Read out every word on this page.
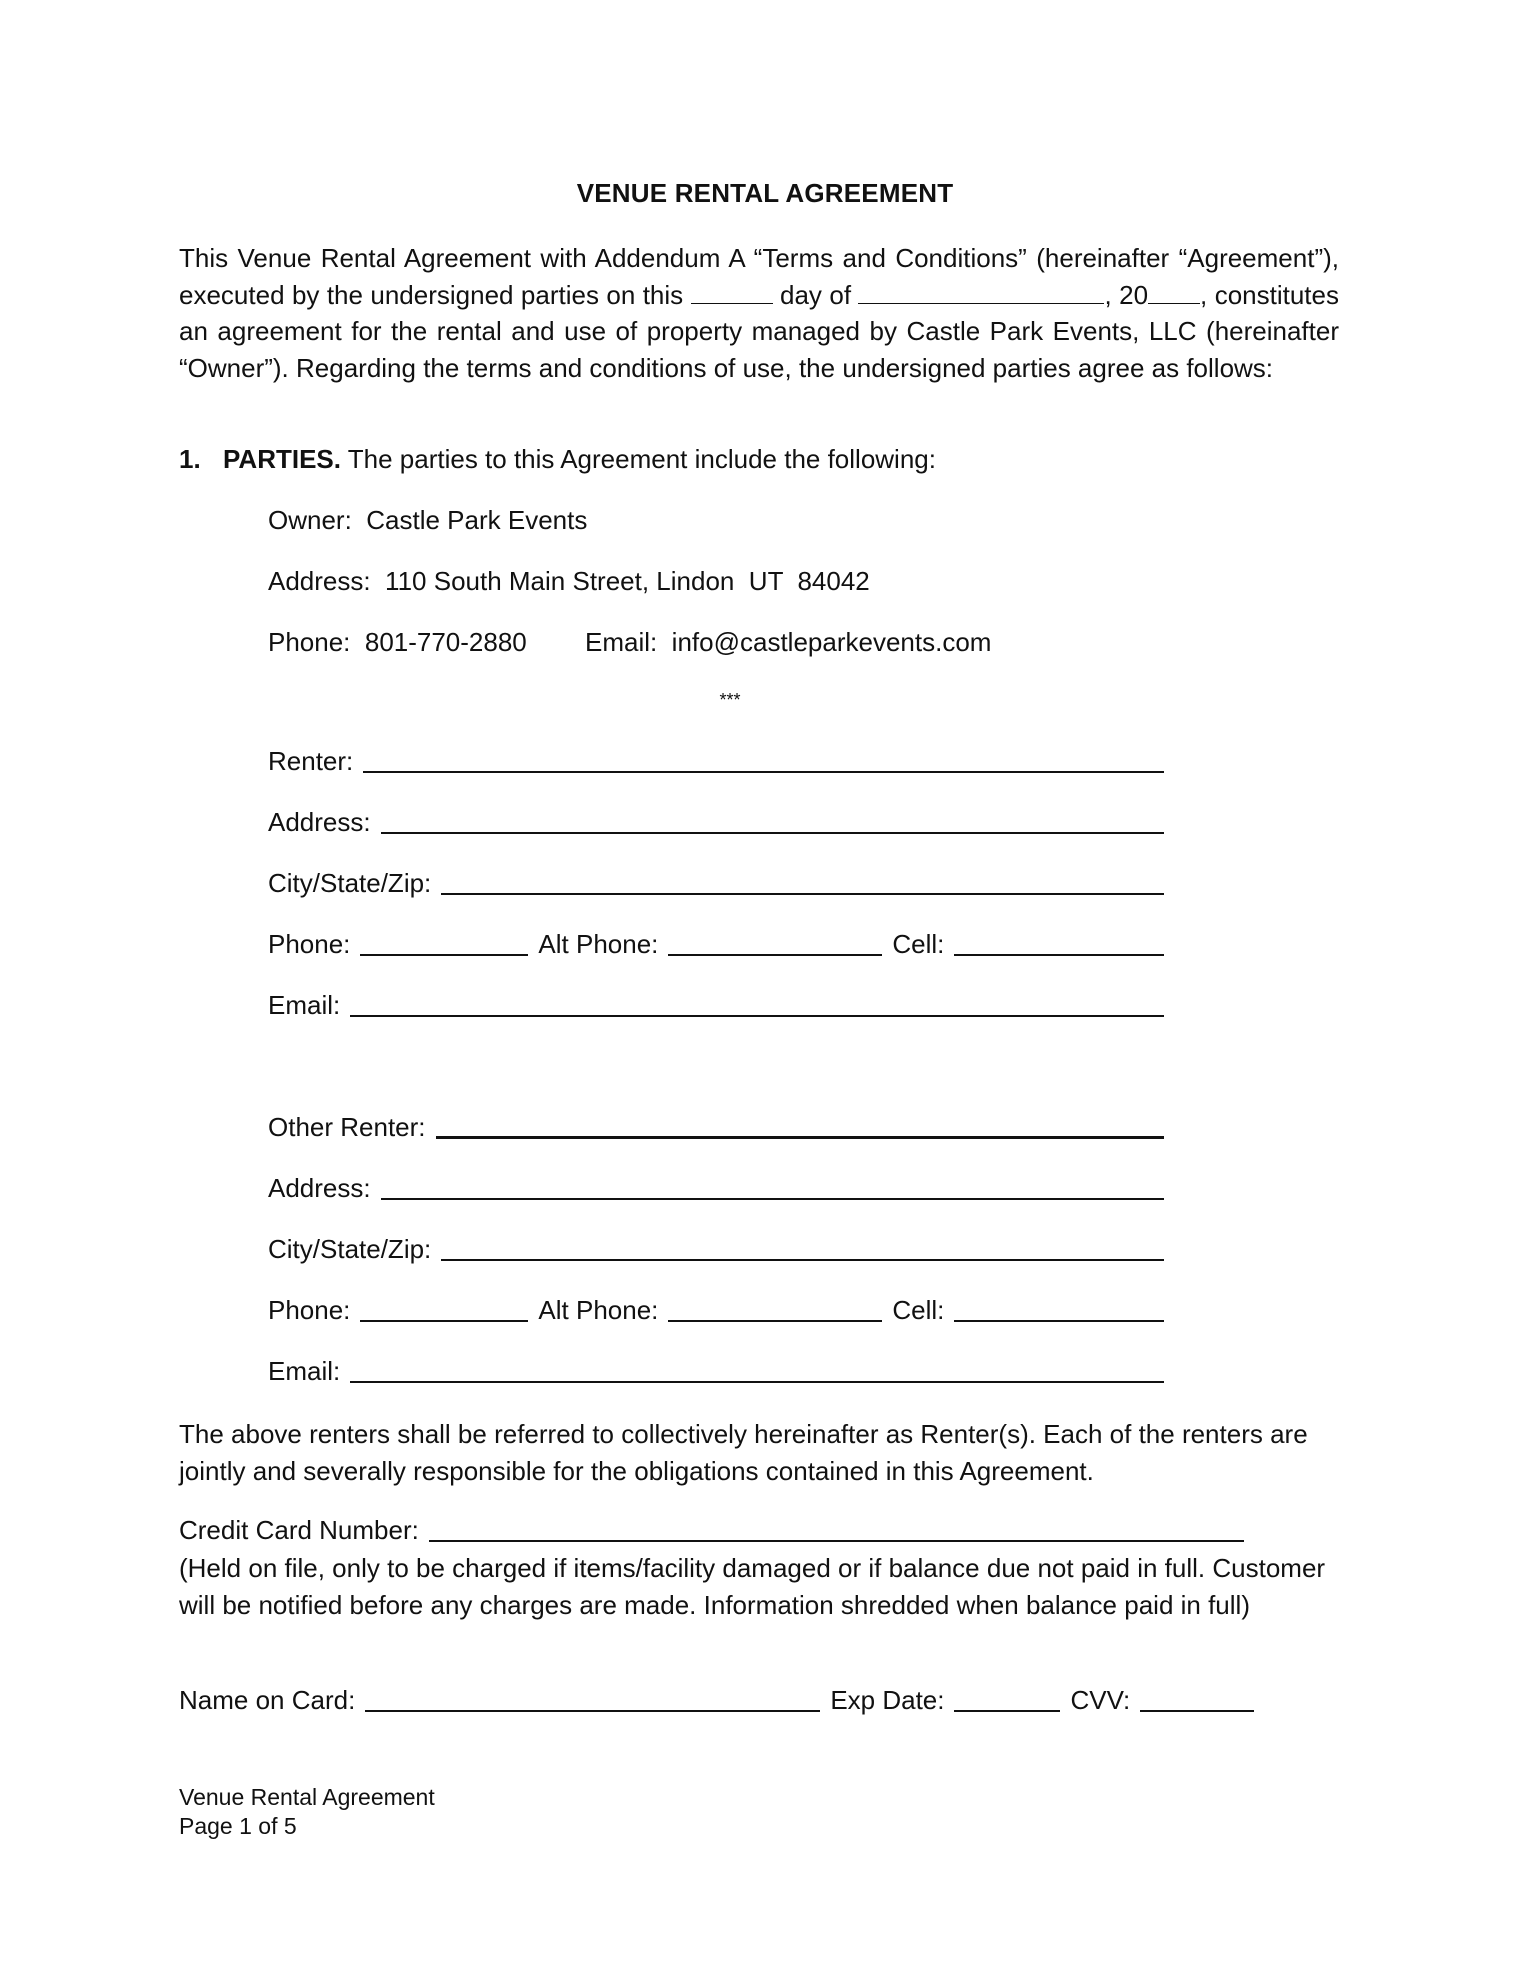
VENUE RENTAL AGREEMENT
This Venue Rental Agreement with Addendum A “Terms and Conditions” (hereinafter “Agreement”), executed by the undersigned parties on this	day of	, 20 , constitutes an agreement for the rental and use of property managed by Castle Park Events, LLC (hereinafter “Owner”). Regarding the terms and conditions of use, the undersigned parties agree as follows:
1. PARTIES. The parties to this Agreement include the following:
Owner:  Castle Park Events
Address:  110 South Main Street, Lindon  UT  84042
Phone:  801-770-2880 Email:  info@castleparkevents.com
***
Renter:
Address:
City/State/Zip:
Phone:	Alt Phone:	Cell:
Email:
Other Renter:
Address:
City/State/Zip:
Phone:	Alt Phone:	Cell:
Email:
The above renters shall be referred to collectively hereinafter as Renter(s). Each of the renters are jointly and severally responsible for the obligations contained in this Agreement.
Credit Card Number:
(Held on file, only to be charged if items/facility damaged or if balance due not paid in full. Customer will be notified before any charges are made. Information shredded when balance paid in full)
Name on Card:	Exp Date:	CVV:
Venue Rental Agreement
Page 1 of 5
